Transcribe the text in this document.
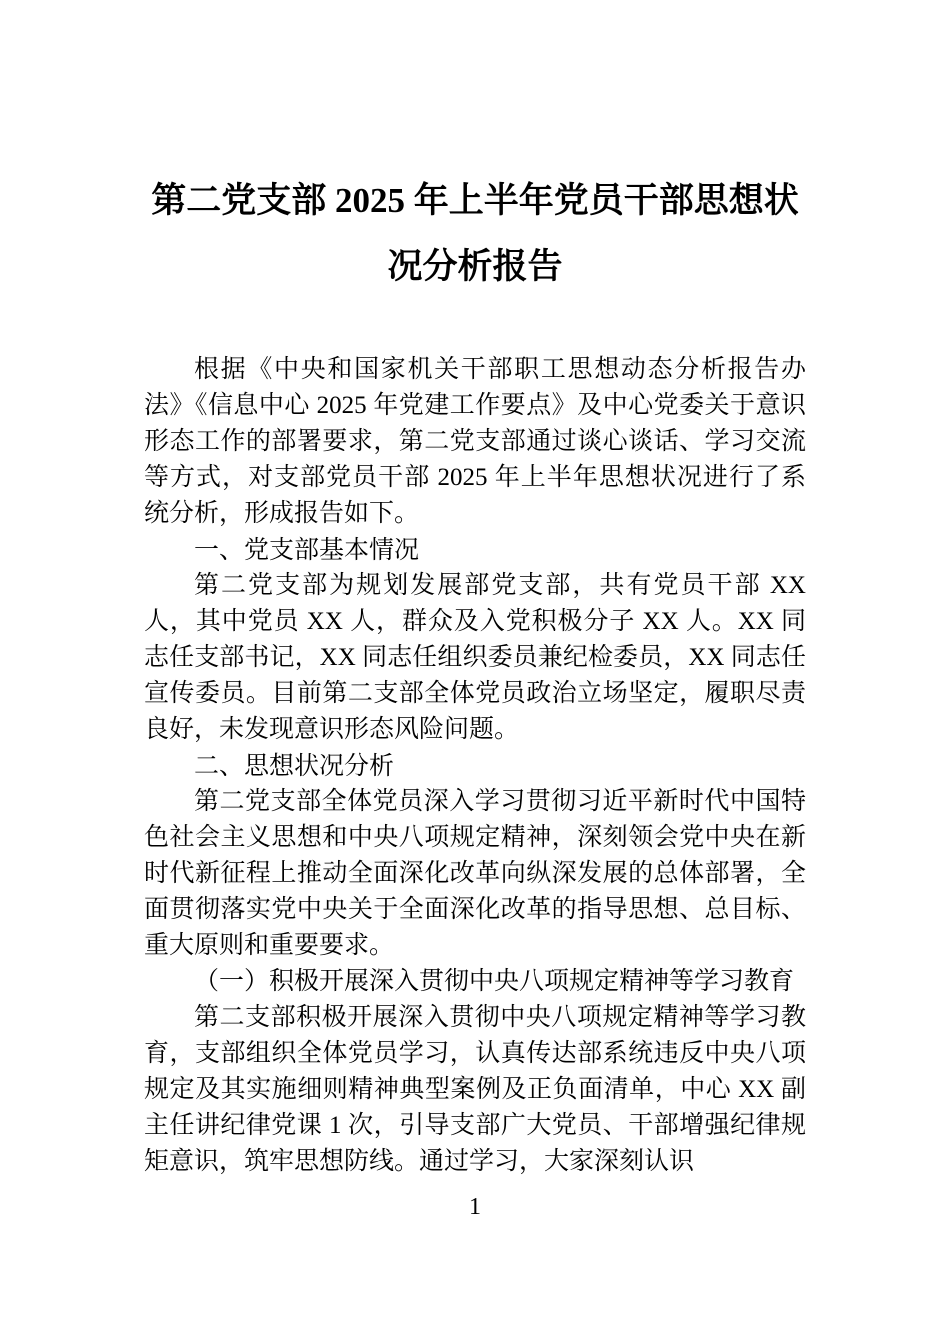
第二党支部 2025 年上半年党员干部思想状
况分析报告

根据《中央和国家机关干部职工思想动态分析报告办法》《信息中心 2025 年党建工作要点》及中心党委关于意识形态工作的部署要求，第二党支部通过谈心谈话、学习交流等方式，对支部党员干部 2025 年上半年思想状况进行了系统分析，形成报告如下。

一、党支部基本情况

第二党支部为规划发展部党支部，共有党员干部 XX 人，其中党员 XX 人，群众及入党积极分子 XX 人。XX 同志任支部书记，XX 同志任组织委员兼纪检委员，XX 同志任宣传委员。目前第二支部全体党员政治立场坚定，履职尽责良好，未发现意识形态风险问题。

二、思想状况分析

第二党支部全体党员深入学习贯彻习近平新时代中国特色社会主义思想和中央八项规定精神，深刻领会党中央在新时代新征程上推动全面深化改革向纵深发展的总体部署，全面贯彻落实党中央关于全面深化改革的指导思想、总目标、重大原则和重要要求。

（一）积极开展深入贯彻中央八项规定精神等学习教育

第二支部积极开展深入贯彻中央八项规定精神等学习教育，支部组织全体党员学习，认真传达部系统违反中央八项规定及其实施细则精神典型案例及正负面清单，中心 XX 副主任讲纪律党课 1 次，引导支部广大党员、干部增强纪律规矩意识，筑牢思想防线。通过学习，大家深刻认识

1
